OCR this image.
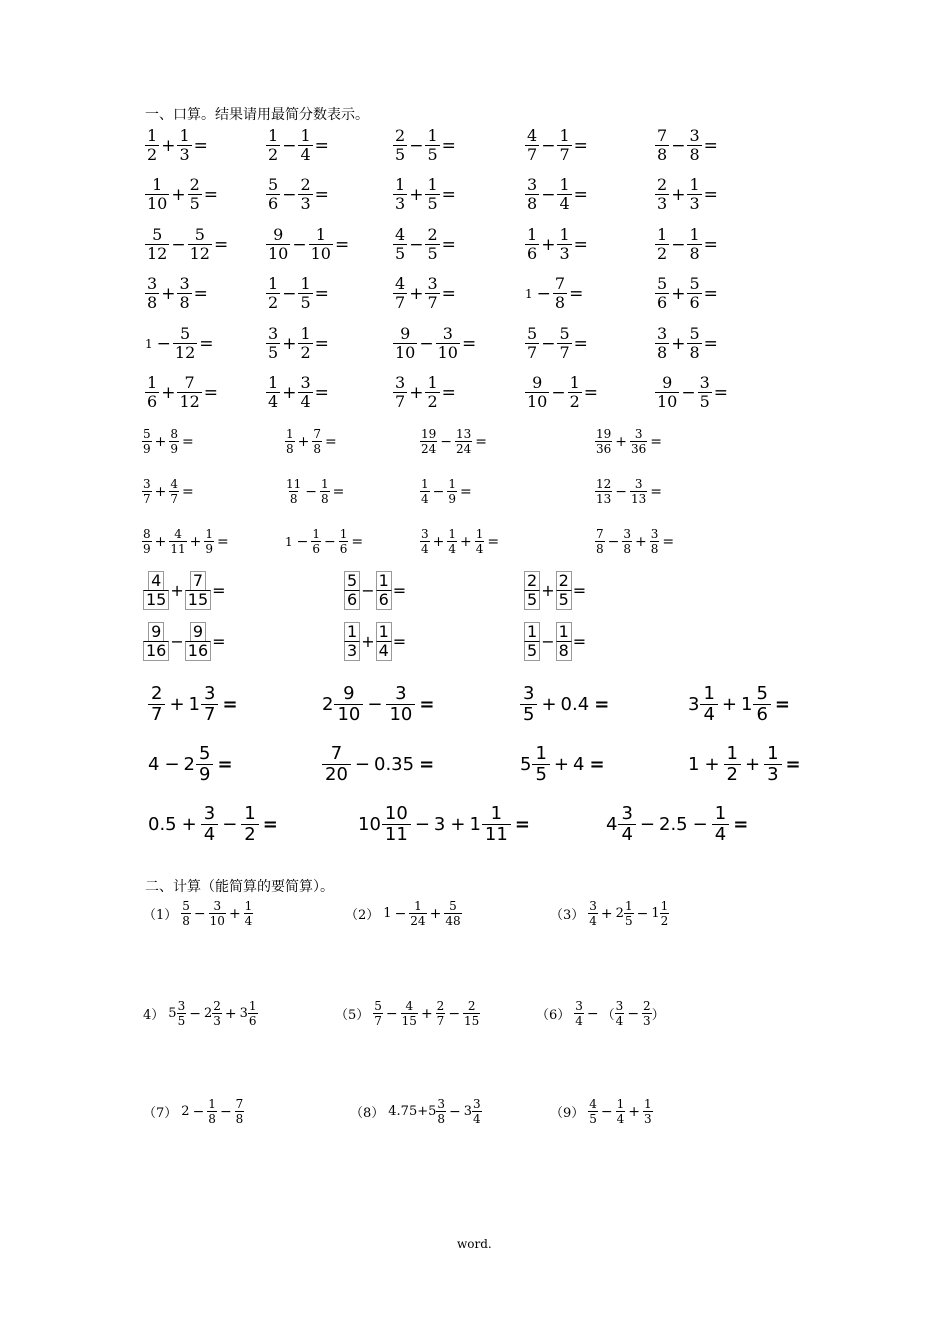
一、口算。结果请用最简分数表示。
二、计算（能简算的要简算）。
$\frac{1}{2} + \frac{1}{3}$ =	$\frac{1}{2} - \frac{1}{4}$ =	$\frac{2}{5} - \frac{1}{5}$ =	$\frac{4}{7} - \frac{1}{7}$ =	$\frac{7}{8} - \frac{3}{8}$ =
$\frac{1}{10} + \frac{2}{5}$ =	$\frac{5}{6} - \frac{2}{3}$ =	$\frac{1}{3} + \frac{1}{5}$ =	$\frac{3}{8} - \frac{1}{4}$ =	$\frac{2}{3} + \frac{1}{3}$ =
$\frac{5}{12} - \frac{5}{12} = \frac{9}{10} - \frac{1}{10}$ =	$\frac{4}{5} - \frac{2}{5}$ =	$\frac{1}{6} + \frac{1}{3}$ =	$\frac{1}{2} - \frac{1}{8}$ =
$\frac{3}{8} + \frac{3}{8}$ =	$\frac{1}{2} - \frac{1}{5}$ =	$\frac{4}{7} + \frac{3}{7}$ =	$1 - \frac{7}{8}$ =	$\frac{5}{6} + \frac{5}{6}$ =
$1 - \frac{5}{12}$ =	$\frac{3}{5} + \frac{1}{2}$ =	$\frac{9}{10} - \frac{3}{10}$ =	$\frac{5}{7} - \frac{5}{7}$ =	$\frac{3}{8} + \frac{5}{8}$ =
$\frac{1}{6} + \frac{7}{12}$ =	$\frac{1}{4} + \frac{3}{4}$ =	$\frac{3}{7} + \frac{1}{2}$ =	$\frac{9}{10} - \frac{1}{2}$ =	$\frac{9}{10} - \frac{3}{5}$ =
$\frac{5}{9} + \frac{8}{9}$ =	$\frac{1}{8} + \frac{7}{8}$ =	$\frac{19}{24} - \frac{13}{24}$ =	$\frac{19}{36} + \frac{3}{36}$ =
$\frac{3}{7} + \frac{4}{7}$ =	$\frac{11}{8} - \frac{1}{8}$ =	$\frac{1}{4} - \frac{1}{9}$ =	$\frac{12}{13} - \frac{3}{13}$ =
$\frac{8}{9} + \frac{4}{11} + \frac{1}{9}$ =	$1 - \frac{1}{6} - \frac{1}{6}$ =	$\frac{3}{4} + \frac{1}{4} + \frac{1}{4}$ =	$\frac{7}{8} - \frac{3}{8} + \frac{3}{8}$ =
$\frac{4}{15} + \frac{7}{15}$ =	$\frac{5}{6} - \frac{1}{6}$ =	$\frac{2}{5} + \frac{2}{5}$ =
$\frac{9}{16} - \frac{9}{16}$ =	$\frac{1}{3} + \frac{1}{4}$ =	$\frac{1}{5} - \frac{1}{8}$ =
$\frac{2}{7} + 1 \frac{3}{7}$ =	$2 \frac{9}{10} - \frac{3}{10}$ =	$\frac{3}{5} + 0.4$ =	$3 \frac{1}{4} + 1 \frac{5}{6}$ =
$4 - 2 \frac{5}{9}$ =	$\frac{7}{20} - 0.35$ =	$5 \frac{1}{5} + 4$ =	$1 + \frac{1}{2} + \frac{1}{3}$ =
$0.5 + \frac{3}{4} - \frac{1}{2}$ =	$10 \frac{10}{11} - 3 + 1 \frac{1}{11}$ =	$4 \frac{3}{4} - 2.5 - \frac{1}{4}$ =
$(1) \frac{5}{8} - \frac{3}{10} + \frac{1}{4}$	（2） $1 - \frac{1}{24} + \frac{5}{48}$	$(3) \frac{3}{4} + 2 \frac{1}{5} - 1 \frac{1}{2}$
4） $5 \frac{3}{5} - 2 \frac{2}{3} + 3 \frac{1}{6}$	$(5) \frac{5}{7} - \frac{4}{15} + \frac{2}{7} - \frac{2}{15}$	$(6) \frac{3}{4}$ − （ $\frac{3}{4} - \frac{2}{3}$ ）
（7） $2 - \frac{1}{8} - \frac{7}{8}$	（8） $4.75+5 \frac{3}{8} - 3 \frac{3}{4}$	$(9) \frac{4}{5} - \frac{1}{4} + \frac{1}{3}$
word.
